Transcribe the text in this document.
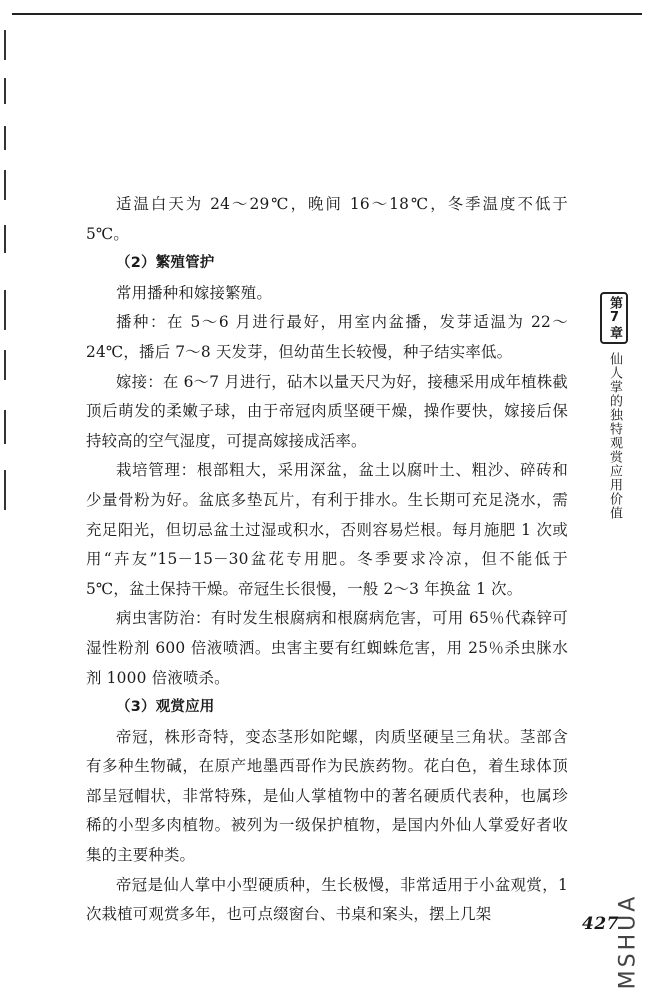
适温白天为 24～29℃，晚间 16～18℃，冬季温度不低于 5℃。

（2）繁殖管护

常用播种和嫁接繁殖。

播种：在 5～6 月进行最好，用室内盆播，发芽适温为 22～24℃，播后 7～8 天发芽，但幼苗生长较慢，种子结实率低。

嫁接：在 6～7 月进行，砧木以量天尺为好，接穗采用成年植株截顶后萌发的柔嫩子球，由于帝冠肉质坚硬干燥，操作要快，嫁接后保持较高的空气湿度，可提高嫁接成活率。

栽培管理：根部粗大，采用深盆，盆土以腐叶土、粗沙、碎砖和少量骨粉为好。盆底多垫瓦片，有利于排水。生长期可充足浇水，需充足阳光，但切忌盆土过湿或积水，否则容易烂根。每月施肥 1 次或用“卉友”15－15－30盆花专用肥。冬季要求冷凉，但不能低于 5℃，盆土保持干燥。帝冠生长很慢，一般 2～3 年换盆 1 次。

病虫害防治：有时发生根腐病和根腐病危害，可用 65％代森锌可湿性粉剂 600 倍液喷洒。虫害主要有红蜘蛛危害，用 25％杀虫脒水剂 1000 倍液喷杀。

（3）观赏应用

帝冠，株形奇特，变态茎形如陀螺，肉质坚硬呈三角状。茎部含有多种生物碱，在原产地墨西哥作为民族药物。花白色，着生球体顶部呈冠帽状，非常特殊，是仙人掌植物中的著名硬质代表种，也属珍稀的小型多肉植物。被列为一级保护植物，是国内外仙人掌爱好者收集的主要种类。

帝冠是仙人掌中小型硬质种，生长极慢，非常适用于小盆观赏，1 次栽植可观赏多年，也可点缀窗台、书桌和案头，摆上几架

第7章
仙人掌的独特观赏应用价值
427
MSHUA
